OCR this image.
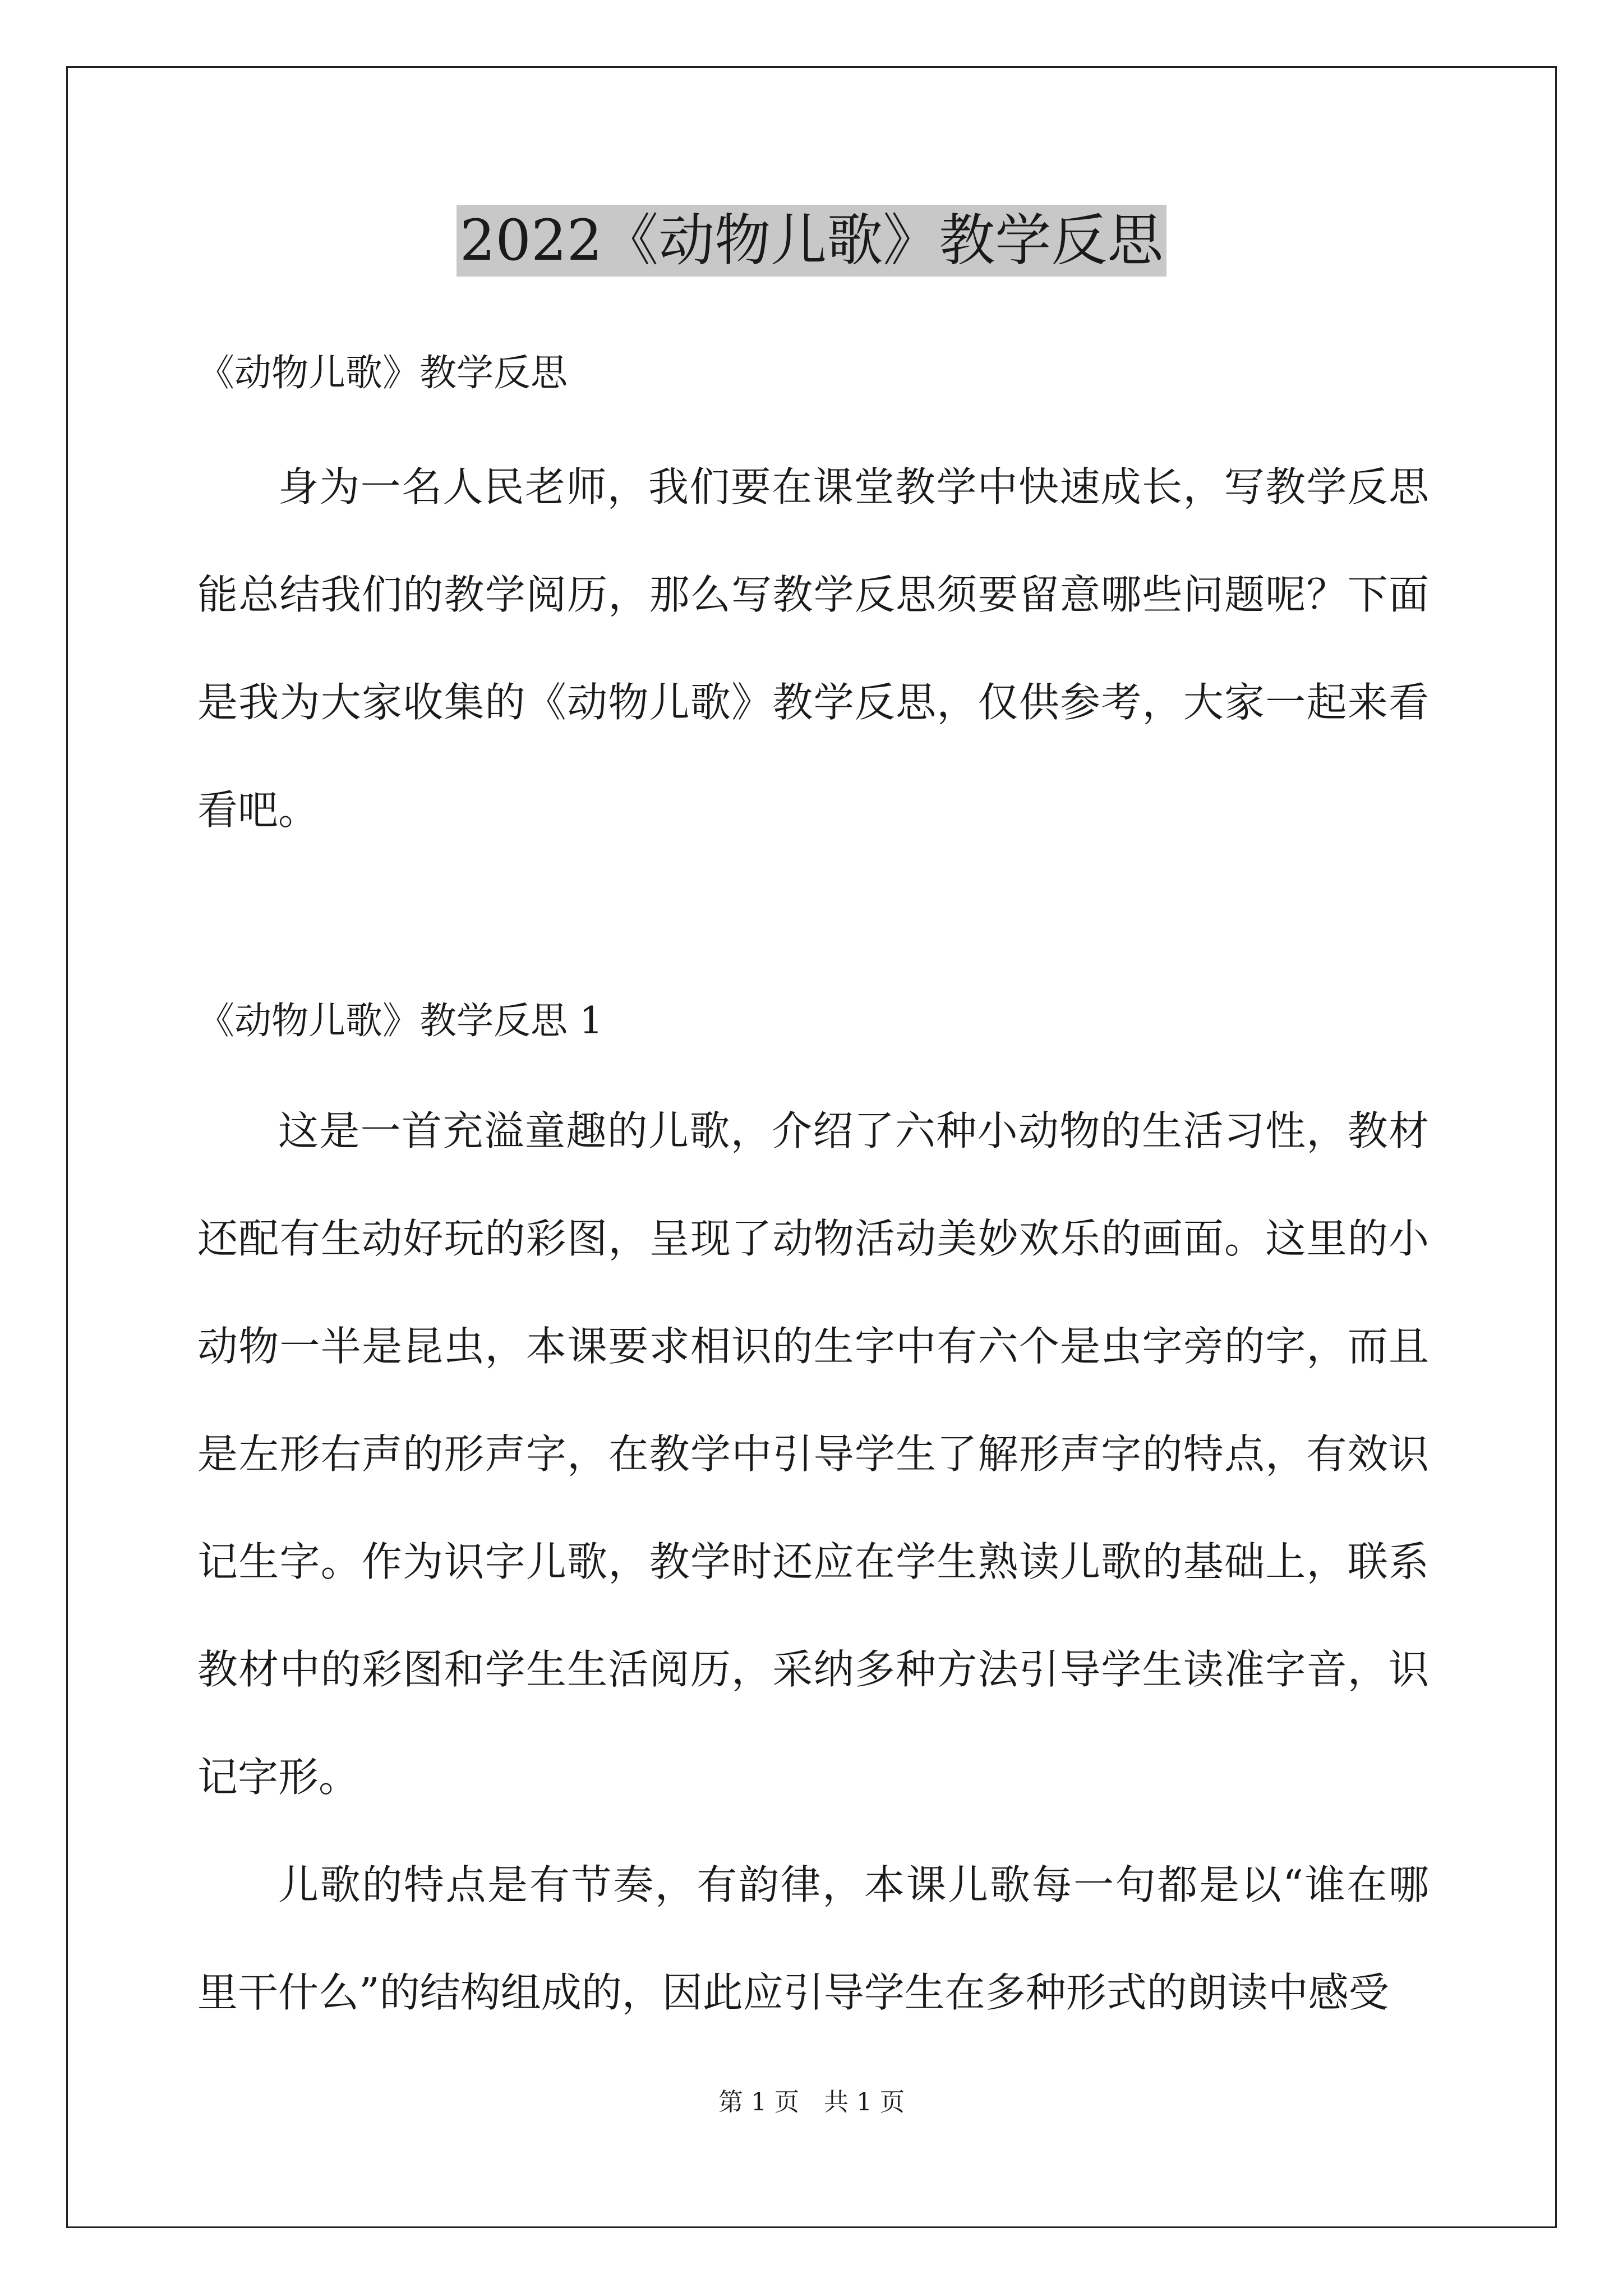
2022《动物儿歌》教学反思
《动物儿歌》教学反思

身为一名人民老师，我们要在课堂教学中快速成长，写教学反思能总结我们的教学阅历，那么写教学反思须要留意哪些问题呢？下面是我为大家收集的《动物儿歌》教学反思，仅供参考，大家一起来看看吧。

《动物儿歌》教学反思 1

这是一首充溢童趣的儿歌，介绍了六种小动物的生活习性，教材还配有生动好玩的彩图，呈现了动物活动美妙欢乐的画面。这里的小动物一半是昆虫，本课要求相识的生字中有六个是虫字旁的字，而且是左形右声的形声字，在教学中引导学生了解形声字的特点，有效识记生字。作为识字儿歌，教学时还应在学生熟读儿歌的基础上，联系教材中的彩图和学生生活阅历，采纳多种方法引导学生读准字音，识记字形。

儿歌的特点是有节奏，有韵律，本课儿歌每一句都是以“谁在哪里干什么”的结构组成的，因此应引导学生在多种形式的朗读中感受

第 1 页　共 1 页
